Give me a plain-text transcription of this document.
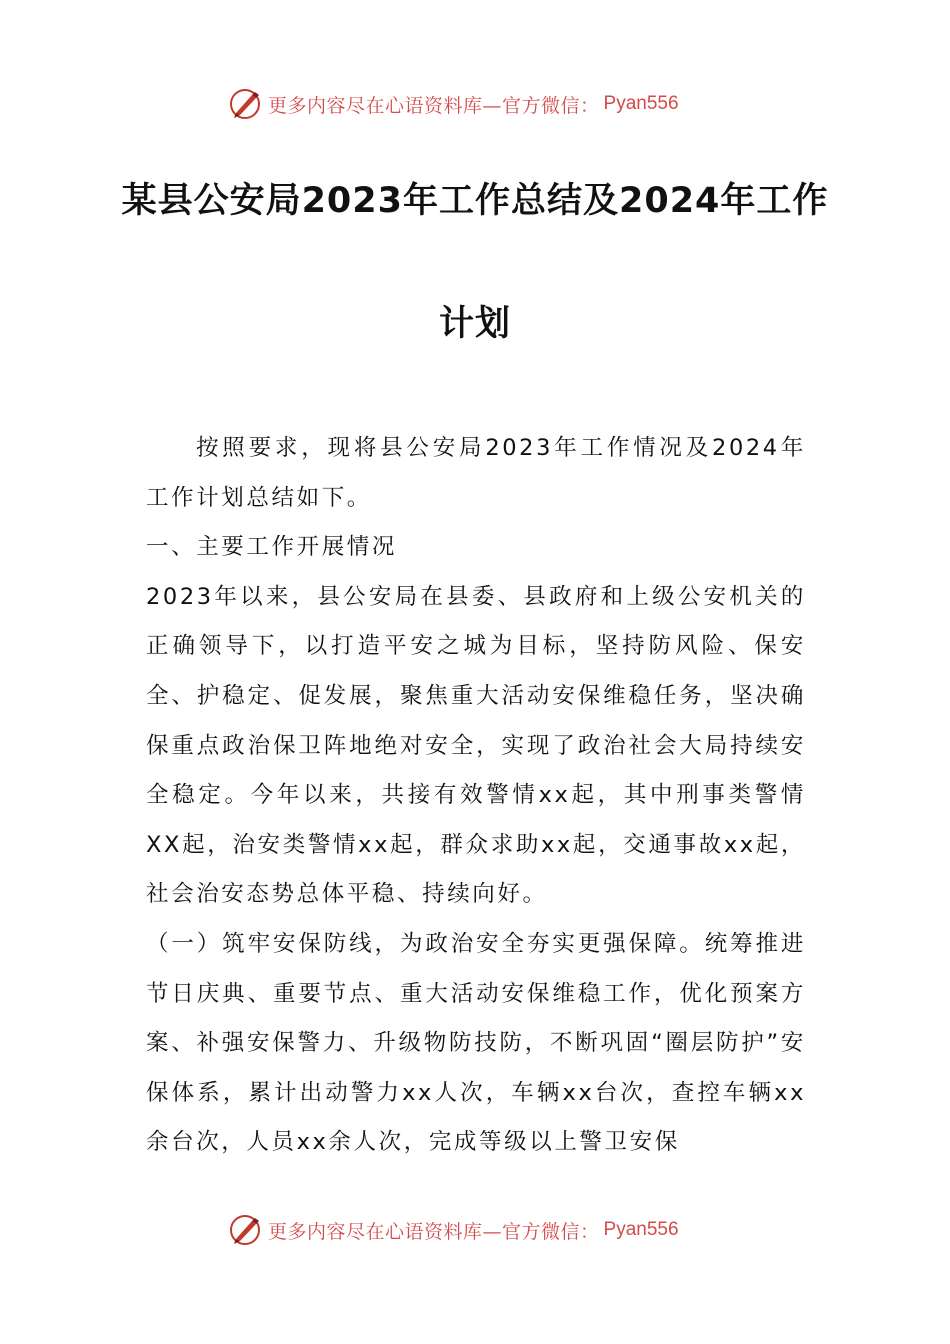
更多内容尽在心语资料库—官方微信： Pyan556
某县公安局2023年工作总结及2024年工作
计划

按照要求，现将县公安局2023年工作情况及2024年工作计划总结如下。

一、主要工作开展情况

2023年以来，县公安局在县委、县政府和上级公安机关的正确领导下，以打造平安之城为目标，坚持防风险、保安全、护稳定、促发展，聚焦重大活动安保维稳任务，坚决确保重点政治保卫阵地绝对安全，实现了政治社会大局持续安全稳定。今年以来，共接有效警情xx起，其中刑事类警情XX起，治安类警情xx起，群众求助xx起，交通事故xx起，社会治安态势总体平稳、持续向好。

（一）筑牢安保防线，为政治安全夯实更强保障。统筹推进节日庆典、重要节点、重大活动安保维稳工作，优化预案方案、补强安保警力、升级物防技防，不断巩固“圈层防护”安保体系，累计出动警力xx人次，车辆xx台次，查控车辆xx余台次，人员xx余人次，完成等级以上警卫安保

更多内容尽在心语资料库—官方微信： Pyan556
